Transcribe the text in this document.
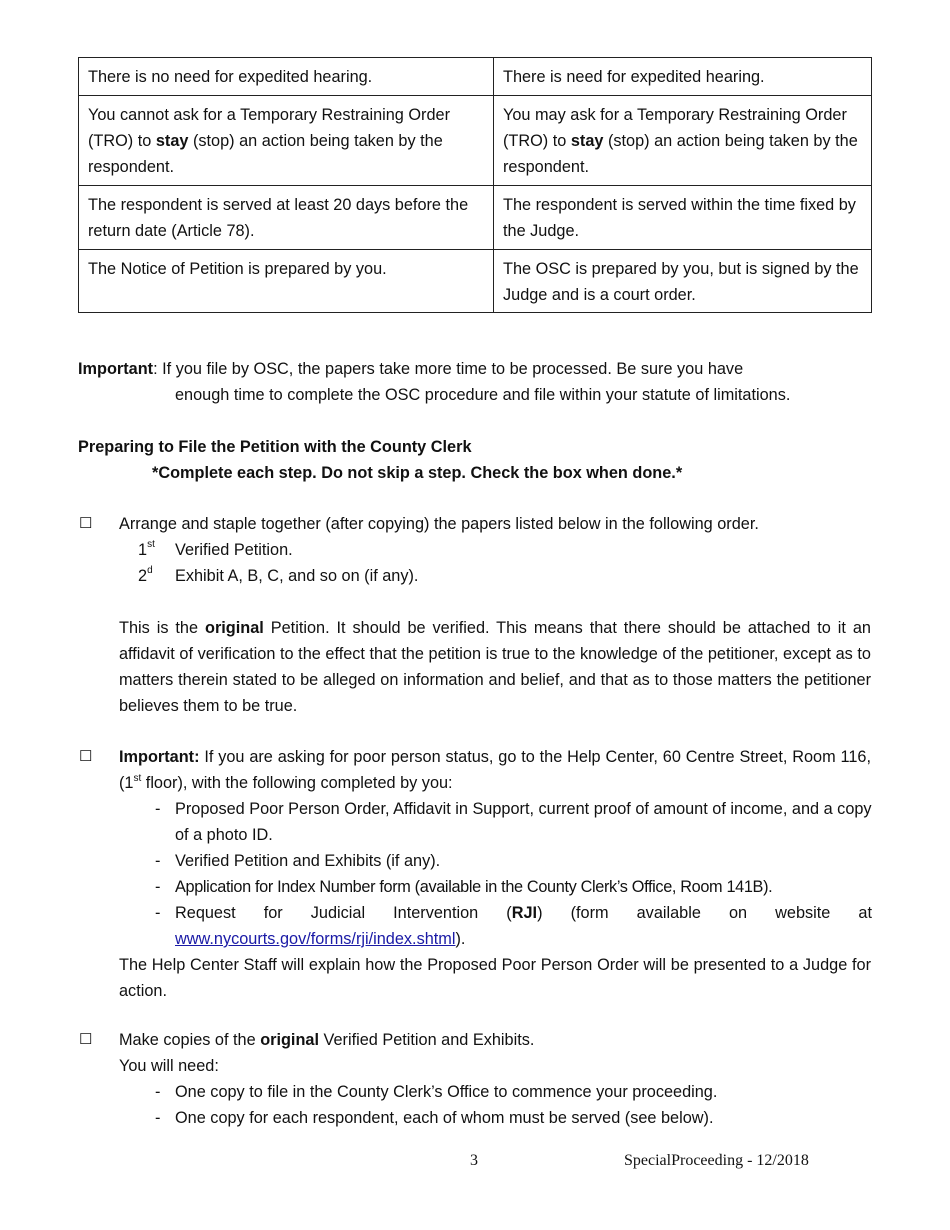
There is no need for expedited hearing.	There is need for expedited hearing.
You cannot ask for a Temporary Restraining Order (TRO) to stay (stop) an action being taken by the respondent.	You may ask for a Temporary Restraining Order (TRO) to stay (stop) an action being taken by the respondent.
The respondent is served at least 20 days before the return date (Article 78).	The respondent is served within the time fixed by the Judge.
The Notice of Petition is prepared by you.	The OSC is prepared by you, but is signed by the Judge and is a court order.
Important: If you file by OSC, the papers take more time to be processed. Be sure you have
enough time to complete the OSC procedure and file within your statute of limitations.
Preparing to File the Petition with the County Clerk
*Complete each step. Do not skip a step. Check the box when done.*
☐ Arrange and staple together (after copying) the papers listed below in the following order.
1st Verified Petition.
2$^d$ Exhibit A, B, C, and so on (if any).
This is the original Petition. It should be verified. This means that there should be attached to it an affidavit of verification to the effect that the petition is true to the knowledge of the petitioner, except as to matters therein stated to be alleged on information and belief, and that as to those matters the petitioner believes them to be true.
☐ Important: If you are asking for poor person status, go to the Help Center, 60 Centre Street, Room 116, (1st floor), with the following completed by you:
- Proposed Poor Person Order, Affidavit in Support, current proof of amount of income, and a copy of a photo ID.
- Verified Petition and Exhibits (if any).
- Application for Index Number form (available in the County Clerk’s Office, Room 141B).
- Request for Judicial Intervention (RJI) (form available on website at
www.nycourts.gov/forms/rji/index.shtml).
The Help Center Staff will explain how the Proposed Poor Person Order will be presented to a Judge for action.
☐ Make copies of the original Verified Petition and Exhibits.
You will need:
- One copy to file in the County Clerk’s Office to commence your proceeding.
- One copy for each respondent, each of whom must be served (see below).
3	SpecialProceeding - 12/2018
